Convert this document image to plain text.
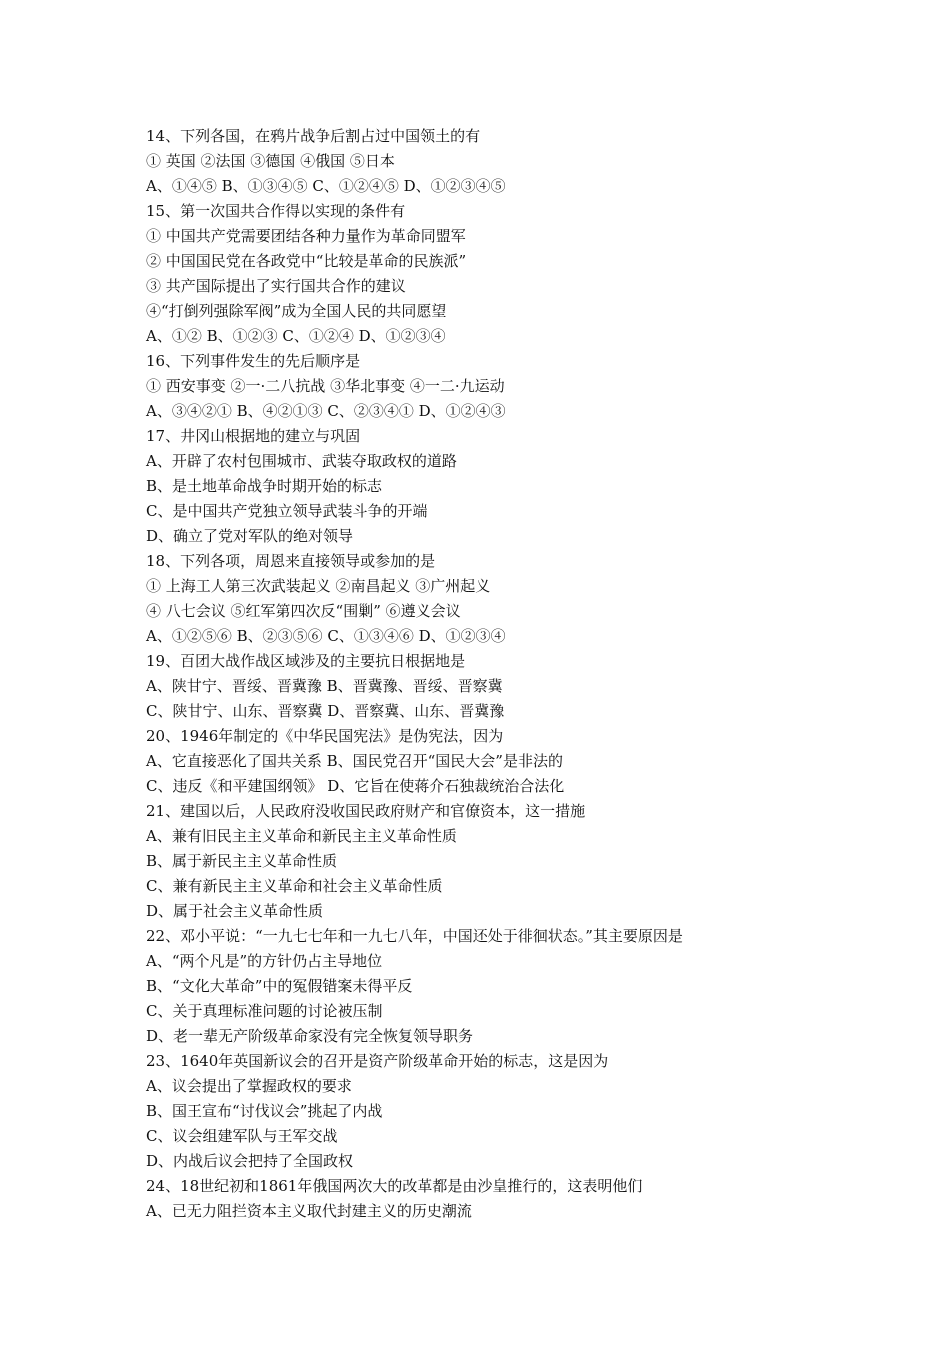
14、下列各国，在鸦片战争后割占过中国领土的有
① 英国 ②法国 ③德国 ④俄国 ⑤日本
A、①④⑤ B、①③④⑤ C、①②④⑤ D、①②③④⑤
15、第一次国共合作得以实现的条件有
① 中国共产党需要团结各种力量作为革命同盟军
② 中国国民党在各政党中“比较是革命的民族派”
③ 共产国际提出了实行国共合作的建议
④“打倒列强除军阀”成为全国人民的共同愿望
A、①② B、①②③ C、①②④ D、①②③④
16、下列事件发生的先后顺序是
① 西安事变 ②一·二八抗战 ③华北事变 ④一二·九运动
A、③④②① B、④②①③ C、②③④① D、①②④③
17、井冈山根据地的建立与巩固
A、开辟了农村包围城市、武装夺取政权的道路
B、是土地革命战争时期开始的标志
C、是中国共产党独立领导武装斗争的开端
D、确立了党对军队的绝对领导
18、下列各项，周恩来直接领导或参加的是
① 上海工人第三次武装起义 ②南昌起义 ③广州起义
④ 八七会议 ⑤红军第四次反“围剿” ⑥遵义会议
A、①②⑤⑥ B、②③⑤⑥ C、①③④⑥ D、①②③④
19、百团大战作战区域涉及的主要抗日根据地是
A、陕甘宁、晋绥、晋冀豫 B、晋冀豫、晋绥、晋察冀
C、陕甘宁、山东、晋察冀 D、晋察冀、山东、晋冀豫
20、1946年制定的《中华民国宪法》是伪宪法，因为
A、它直接恶化了国共关系 B、国民党召开“国民大会”是非法的
C、违反《和平建国纲领》 D、它旨在使蒋介石独裁统治合法化
21、建国以后，人民政府没收国民政府财产和官僚资本，这一措施
A、兼有旧民主主义革命和新民主主义革命性质
B、属于新民主主义革命性质
C、兼有新民主主义革命和社会主义革命性质
D、属于社会主义革命性质
22、邓小平说：“一九七七年和一九七八年，中国还处于徘徊状态。”其主要原因是
A、“两个凡是”的方针仍占主导地位
B、“文化大革命”中的冤假错案未得平反
C、关于真理标准问题的讨论被压制
D、老一辈无产阶级革命家没有完全恢复领导职务
23、1640年英国新议会的召开是资产阶级革命开始的标志，这是因为
A、议会提出了掌握政权的要求
B、国王宣布“讨伐议会”挑起了内战
C、议会组建军队与王军交战
D、内战后议会把持了全国政权
24、18世纪初和1861年俄国两次大的改革都是由沙皇推行的，这表明他们
A、已无力阻拦资本主义取代封建主义的历史潮流
